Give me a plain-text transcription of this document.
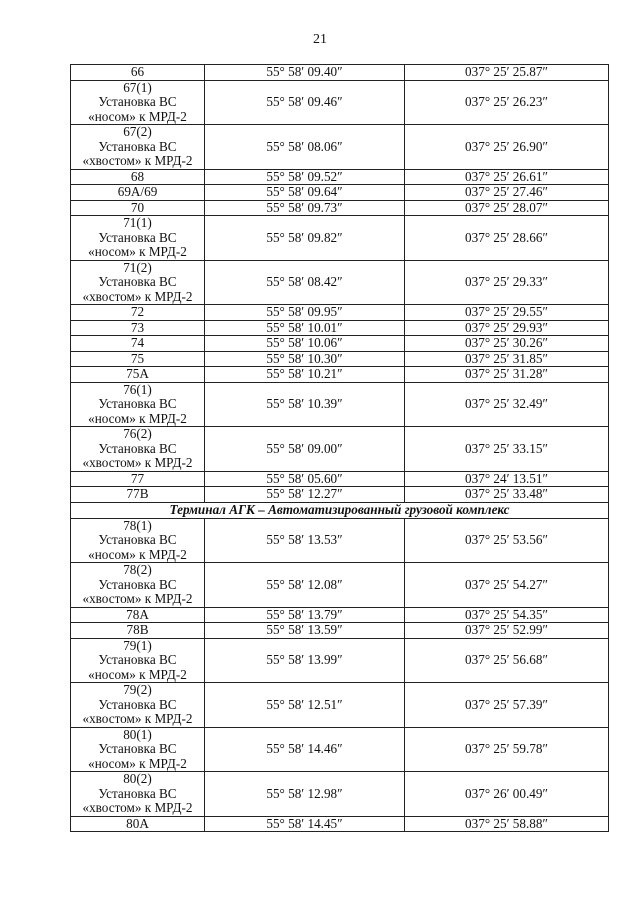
21
66	55° 58′ 09.40″	037° 25′ 25.87″

67(1)
Установка ВС
«носом» к МРД-2	55° 58′ 09.46″	037° 25′ 26.23″

67(2)
Установка ВС
«хвостом» к МРД-2	55° 58′ 08.06″	037° 25′ 26.90″

68	55° 58′ 09.52″	037° 25′ 26.61″

69А/69	55° 58′ 09.64″	037° 25′ 27.46″

70	55° 58′ 09.73″	037° 25′ 28.07″

71(1)
Установка ВС
«носом» к МРД-2	55° 58′ 09.82″	037° 25′ 28.66″

71(2)
Установка ВС
«хвостом» к МРД-2	55° 58′ 08.42″	037° 25′ 29.33″

72	55° 58′ 09.95″	037° 25′ 29.55″

73	55° 58′ 10.01″	037° 25′ 29.93″

74	55° 58′ 10.06″	037° 25′ 30.26″

75	55° 58′ 10.30″	037° 25′ 31.85″

75А	55° 58′ 10.21″	037° 25′ 31.28″

76(1)
Установка ВС
«носом» к МРД-2	55° 58′ 10.39″	037° 25′ 32.49″

76(2)
Установка ВС
«хвостом» к МРД-2	55° 58′ 09.00″	037° 25′ 33.15″

77	55° 58′ 05.60″	037° 24′ 13.51″

77В	55° 58′ 12.27″	037° 25′ 33.48″
Терминал АГК – Автоматизированный грузовой комплекс		

78(1)
Установка ВС
«носом» к МРД-2	55° 58′ 13.53″	037° 25′ 53.56″

78(2)
Установка ВС
«хвостом» к МРД-2	55° 58′ 12.08″	037° 25′ 54.27″

78А	55° 58′ 13.79″	037° 25′ 54.35″

78В	55° 58′ 13.59″	037° 25′ 52.99″

79(1)
Установка ВС
«носом» к МРД-2	55° 58′ 13.99″	037° 25′ 56.68″

79(2)
Установка ВС
«хвостом» к МРД-2	55° 58′ 12.51″	037° 25′ 57.39″

80(1)
Установка ВС
«носом» к МРД-2	55° 58′ 14.46″	037° 25′ 59.78″

80(2)
Установка ВС
«хвостом» к МРД-2	55° 58′ 12.98″	037° 26′ 00.49″

80А	55° 58′ 14.45″	037° 25′ 58.88″
